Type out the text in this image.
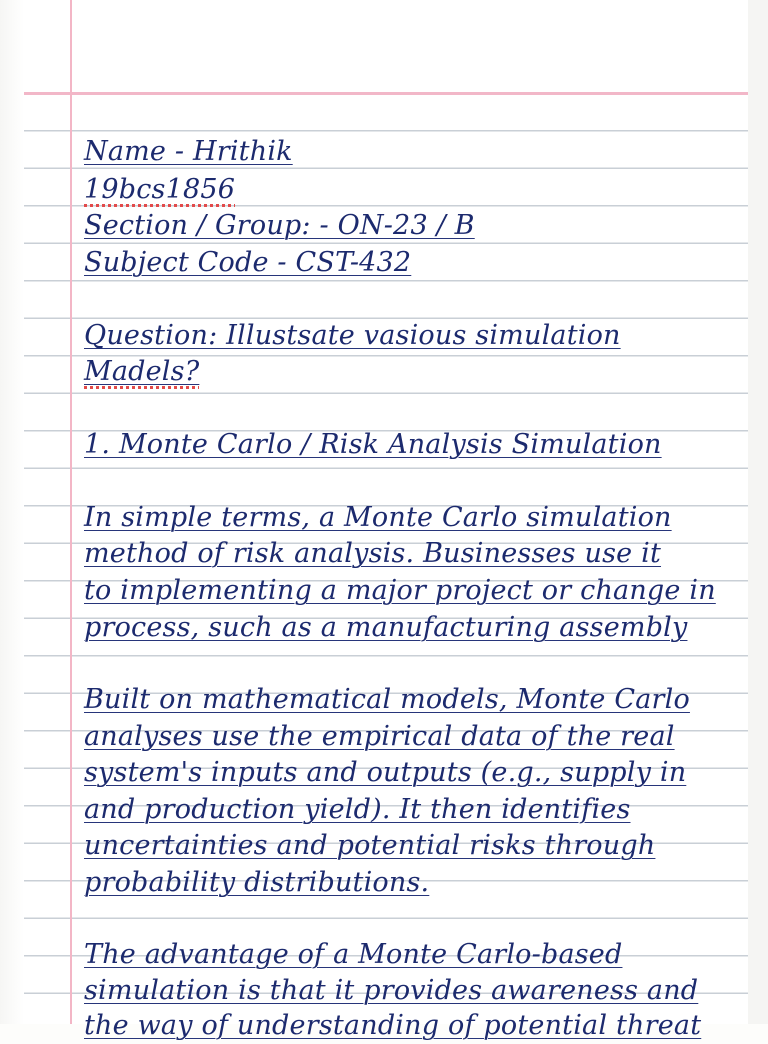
Name - Hrithik
19bcs1856
Section / Group: - ON-23 / B
Subject Code - CST-432
Question: Illustsate vasious simulation
Madels?
1. Monte Carlo / Risk Analysis Simulation
In simple terms, a Monte Carlo simulation
method of risk analysis. Businesses use it
to implementing a major project or change in
process, such as a manufacturing assembly
Built on mathematical models, Monte Carlo
analyses use the empirical data of the real
system's inputs and outputs (e.g., supply in
and production yield). It then identifies
uncertainties and potential risks through
probability distributions.
The advantage of a Monte Carlo-based
simulation is that it provides awareness and
the way of understanding of potential threat
